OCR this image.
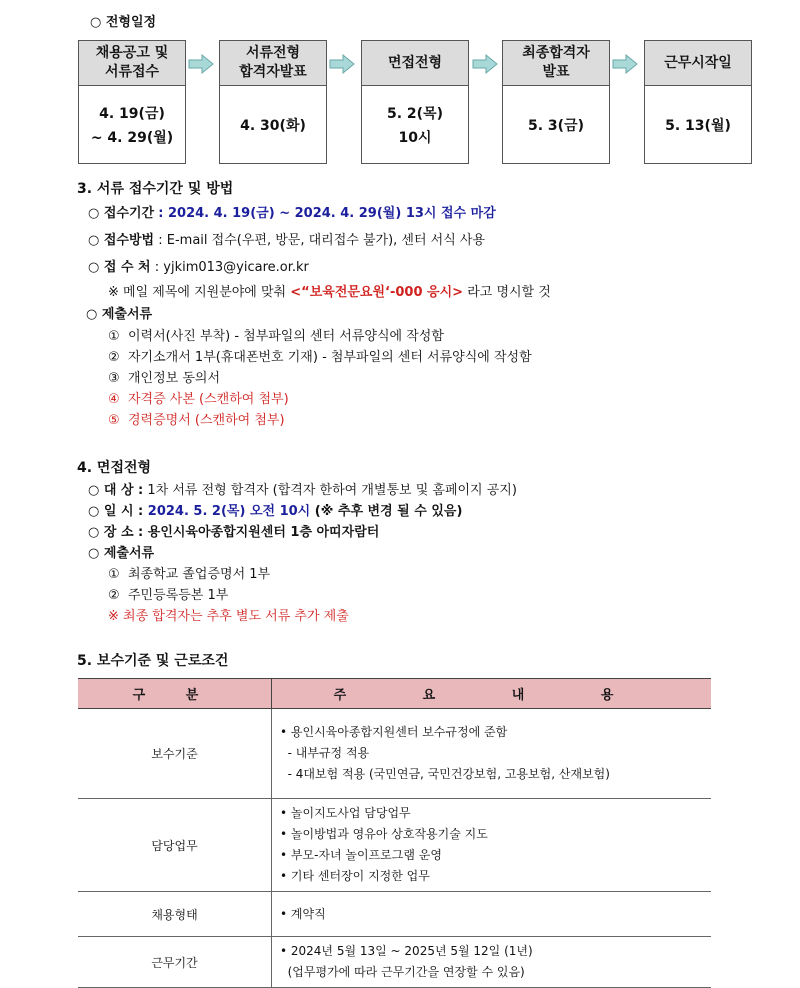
○ 전형일정
채용공고 및
서류접수
4. 19(금)
~ 4. 29(월)
서류전형
합격자발표
4. 30(화)
면접전형
5. 2(목)
10시
최종합격자
발표
5. 3(금)
근무시작일
5. 13(월)
3. 서류 접수기간 및 방법
○ 접수기간 : 2024. 4. 19(금) ~ 2024. 4. 29(월) 13시 접수 마감
○ 접수방법 : E-mail 접수(우편, 방문, 대리접수 불가), 센터 서식 사용
○ 접 수 처 : yjkim013@yicare.or.kr
※ 메일 제목에 지원분야에 맞춰 <“보육전문요원‘-000 응시> 라고 명시할 것
○ 제출서류
① 이력서(사진 부착) - 첨부파일의 센터 서류양식에 작성함
② 자기소개서 1부(휴대폰번호 기재) - 첨부파일의 센터 서류양식에 작성함
③ 개인정보 동의서
④ 자격증 사본 (스캔하여 첨부)
⑤ 경력증명서 (스캔하여 첨부)
4. 면접전형
○ 대 상 : 1차 서류 전형 합격자 (합격자 한하여 개별통보 및 홈페이지 공지)
○ 일 시 : 2024. 5. 2(목) 오전 10시 (※ 추후 변경 될 수 있음)
○ 장 소 : 용인시육아종합지원센터 1층 아띠자람터
○ 제출서류
① 최종학교 졸업증명서 1부
② 주민등록등본 1부
※ 최종 합격자는 추후 별도 서류 추가 제출
5. 보수기준 및 근로조건
구 분	주 요 내 용
보수기준	• 용인시육아종합지원센터 보수규정에 준함
- 내부규정 적용
- 4대보험 적용 (국민연금, 국민건강보험, 고용보험, 산재보험)

담당업무	• 놀이지도사업 담당업무
• 놀이방법과 영유아 상호작용기술 지도
• 부모-자녀 놀이프로그램 운영
• 기타 센터장이 지정한 업무

채용형태	• 계약직

근무기간	• 2024년 5월 13일 ~ 2025년 5월 12일 (1년)
(업무평가에 따라 근무기간을 연장할 수 있음)
